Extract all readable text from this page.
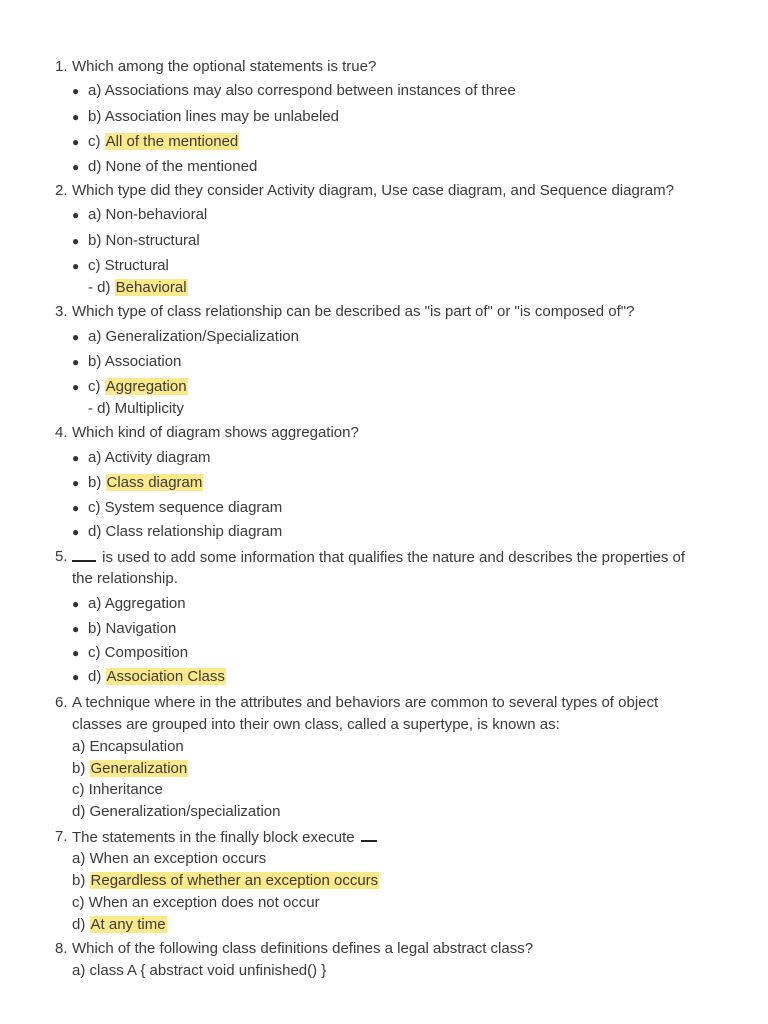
1. Which among the optional statements is true?
● a) Associations may also correspond between instances of three
● b) Association lines may be unlabeled
● c) All of the mentioned
● d) None of the mentioned
2. Which type did they consider Activity diagram, Use case diagram, and Sequence diagram?
● a) Non-behavioral
● b) Non-structural
● c) Structural
- d) Behavioral
3. Which type of class relationship can be described as "is part of" or "is composed of"?
● a) Generalization/Specialization
● b) Association
● c) Aggregation
- d) Multiplicity
4. Which kind of diagram shows aggregation?
● a) Activity diagram
● b) Class diagram
● c) System sequence diagram
● d) Class relationship diagram
5.	is used to add some information that qualifies the nature and describes the properties of
the relationship.
● a) Aggregation
● b) Navigation
● c) Composition
● d) Association Class
6. A technique where in the attributes and behaviors are common to several types of object
classes are grouped into their own class, called a supertype, is known as:
a) Encapsulation
b) Generalization
c) Inheritance
d) Generalization/specialization
7. The statements in the finally block execute
a) When an exception occurs
b) Regardless of whether an exception occurs
c) When an exception does not occur
d) At any time
8. Which of the following class definitions defines a legal abstract class?
a) class A { abstract void unfinished() }
